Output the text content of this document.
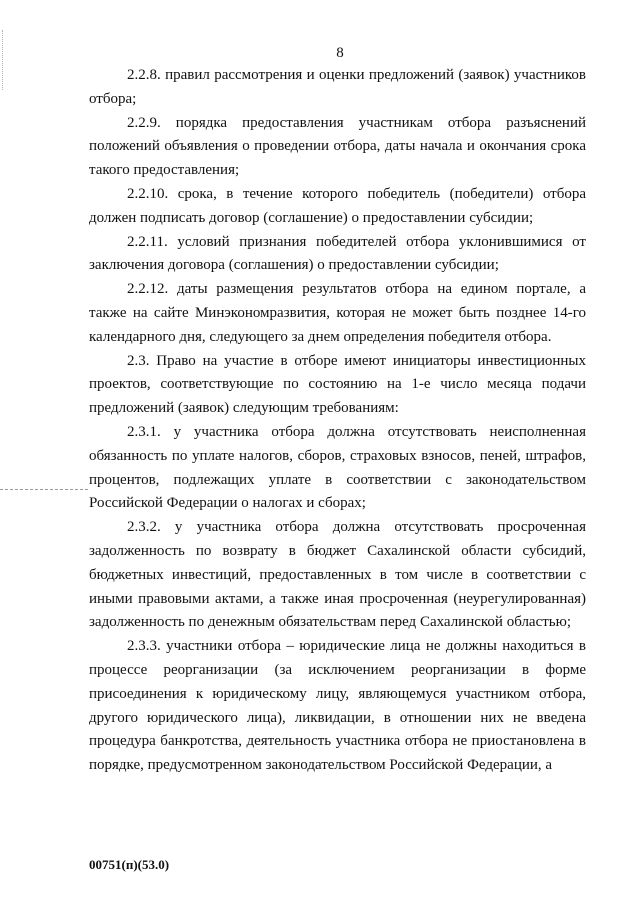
8

2.2.8. правил рассмотрения и оценки предложений (заявок) участников отбора;

2.2.9. порядка предоставления участникам отбора разъяснений положений объявления о проведении отбора, даты начала и окончания срока такого предоставления;

2.2.10. срока, в течение которого победитель (победители) отбора должен подписать договор (соглашение) о предоставлении субсидии;

2.2.11. условий признания победителей отбора уклонившимися от заключения договора (соглашения) о предоставлении субсидии;

2.2.12. даты размещения результатов отбора на едином портале, а также на сайте Минэкономразвития, которая не может быть позднее 14-го календарного дня, следующего за днем определения победителя отбора.

2.3. Право на участие в отборе имеют инициаторы инвестиционных проектов, соответствующие по состоянию на 1-е число месяца подачи предложений (заявок) следующим требованиям:

2.3.1. у участника отбора должна отсутствовать неисполненная обязанность по уплате налогов, сборов, страховых взносов, пеней, штрафов, процентов, подлежащих уплате в соответствии с законодательством Российской Федерации о налогах и сборах;

2.3.2. у участника отбора должна отсутствовать просроченная задолженность по возврату в бюджет Сахалинской области субсидий, бюджетных инвестиций, предоставленных в том числе в соответствии с иными правовыми актами, а также иная просроченная (неурегулированная) задолженность по денежным обязательствам перед Сахалинской областью;

2.3.3. участники отбора – юридические лица не должны находиться в процессе реорганизации (за исключением реорганизации в форме присоединения к юридическому лицу, являющемуся участником отбора, другого юридического лица), ликвидации, в отношении них не введена процедура банкротства, деятельность участника отбора не приостановлена в порядке, предусмотренном законодательством Российской Федерации, а

00751(п)(53.0)
